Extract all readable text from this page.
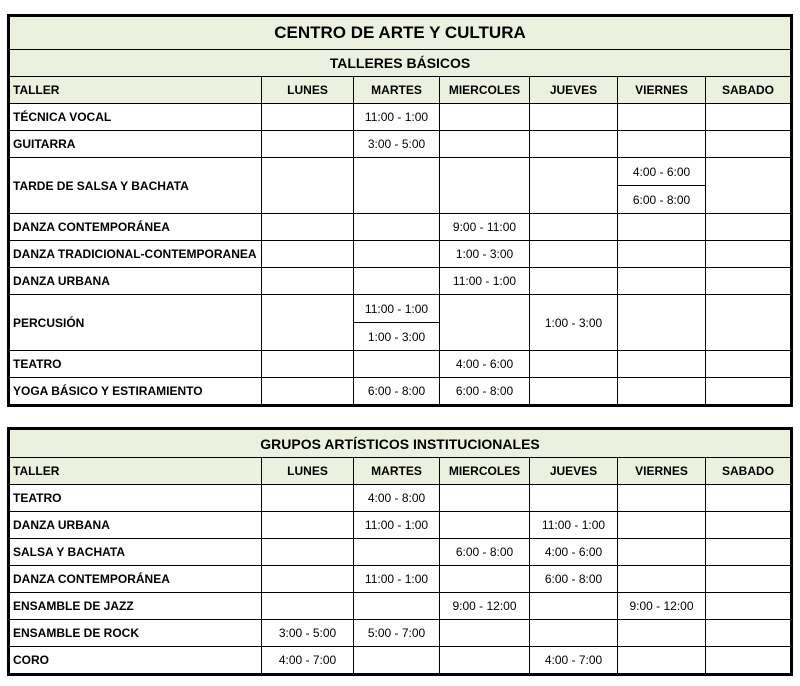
CENTRO DE ARTE Y CULTURA						
TALLERES BÁSICOS						
TALLER	LUNES	MARTES	MIERCOLES	JUEVES	VIERNES	SABADO
TÉCNICA VOCAL		11:00 - 1:00				
GUITARRA		3:00 - 5:00				
TARDE DE SALSA Y BACHATA					4:00 - 6:00
6:00 - 8:00	

DANZA CONTEMPORÁNEA			9:00 - 11:00			
DANZA TRADICIONAL-CONTEMPORANEA			1:00 - 3:00			
DANZA URBANA			11:00 - 1:00			
PERCUSIÓN		11:00 - 1:00
1:00 - 3:00		1:00 - 3:00		
TEATRO			4:00 - 6:00			
YOGA BÁSICO Y ESTIRAMIENTO		6:00 - 8:00	6:00 - 8:00			
GRUPOS ARTÍSTICOS INSTITUCIONALES						
TALLER	LUNES	MARTES	MIERCOLES	JUEVES	VIERNES	SABADO
TEATRO		4:00 - 8:00				
DANZA URBANA		11:00 - 1:00		11:00 - 1:00		
SALSA Y BACHATA			6:00 - 8:00	4:00 - 6:00		
DANZA CONTEMPORÁNEA		11:00 - 1:00		6:00 - 8:00		
ENSAMBLE DE JAZZ			9:00 - 12:00		9:00 - 12:00	
ENSAMBLE DE ROCK	3:00 - 5:00	5:00 - 7:00				
CORO	4:00 - 7:00			4:00 - 7:00		
